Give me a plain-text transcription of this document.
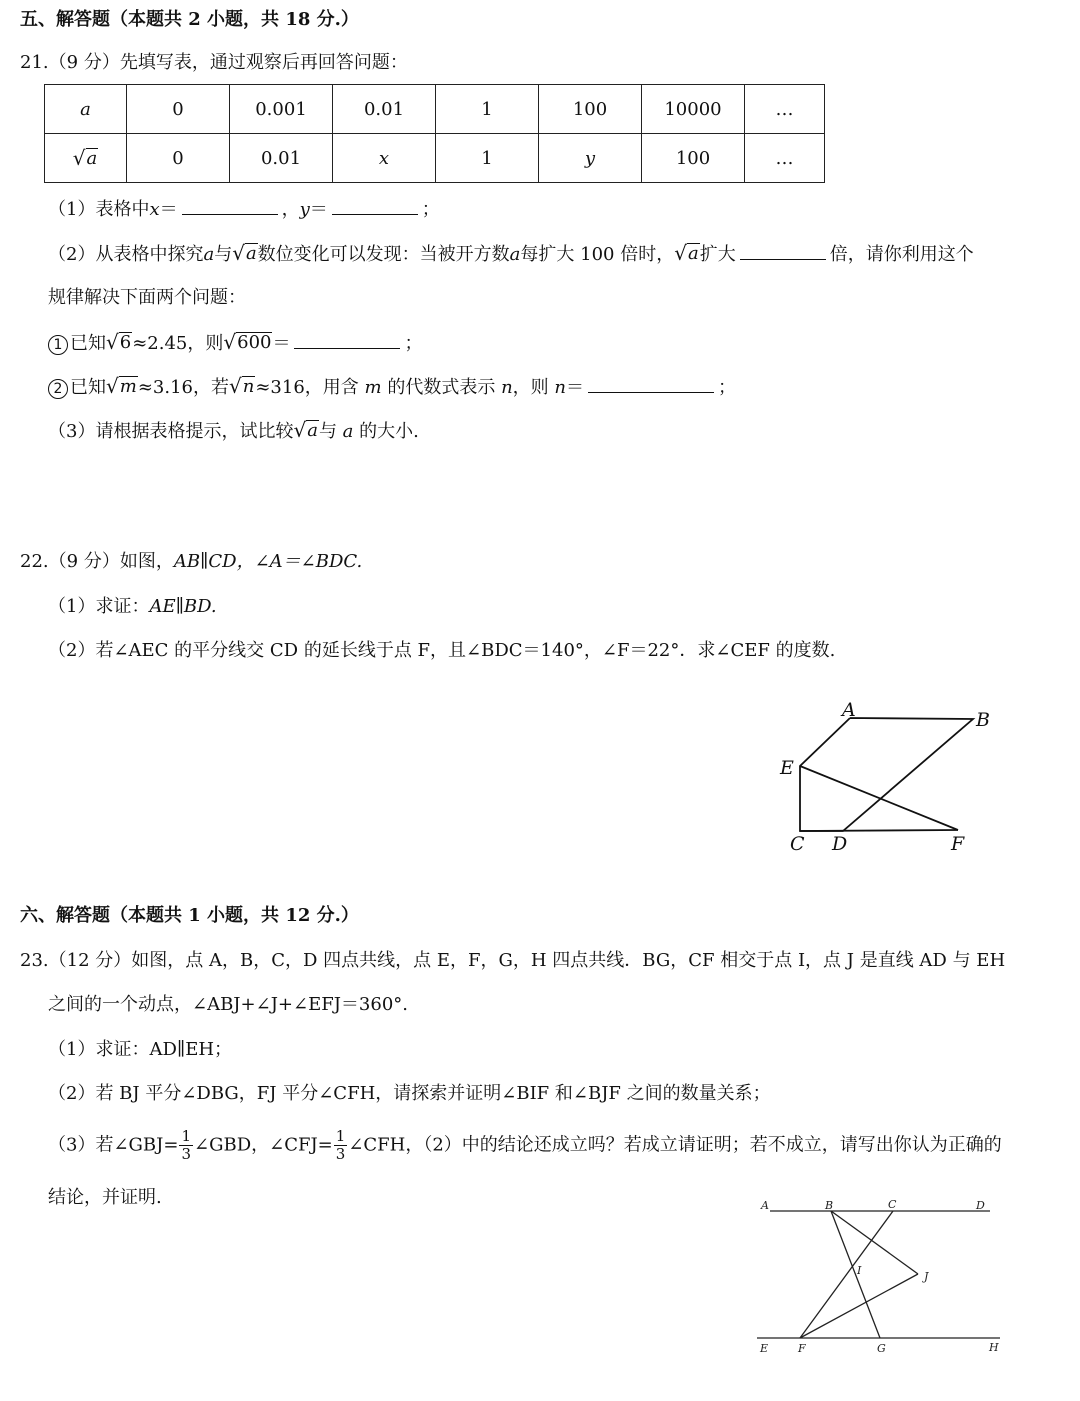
五、解答题（本题共 2 小题，共 18 分.）
21.（9 分）先填写表，通过观察后再回答问题：
a	0	0.001	0.01	1	100	10000	…

√ a	0	0.01	x	1	y	100	…
（1）表格中x＝	，y＝	；
（2）从表格中探究a与 √ a 数位变化可以发现：当被开方数a每扩大 100 倍时， √ a 扩大	倍，请你利用这个
规律解决下面两个问题：
1 已知 √ 6 ≈2.45，则 √ 600 ＝	；
2 已知 √ m ≈3.16，若 √ n ≈316，用含 m 的代数式表示 n，则 n＝	；
（3）请根据表格提示，试比较 √ a 与 a 的大小.
22.（9 分）如图，AB∥CD，∠A＝∠BDC.
（1）求证：AE∥BD.
（2）若∠AEC 的平分线交 CD 的延长线于点 F，且∠BDC＝140°，∠F＝22°．求∠CEF 的度数.
A	B
E
C D	F
六、解答题（本题共 1 小题，共 12 分.）
23.（12 分）如图，点 A，B，C，D 四点共线，点 E，F，G，H 四点共线．BG，CF 相交于点 I，点 J 是直线 AD 与 EH
之间的一个动点，∠ABJ+∠J+∠EFJ＝360°.
（1）求证：AD∥EH；
（2）若 BJ 平分∠DBG，FJ 平分∠CFH，请探索并证明∠BIF 和∠BJF 之间的数量关系；
（3）若∠GBJ= $\frac{1}{3}$ ∠GBD，∠CFJ= $\frac{1}{3}$ ∠CFH，（2）中的结论还成立吗？若成立请证明；若不成立，请写出你认为正确的
结论，并证明.	A	B	C	D
E	F	G	H
I	J
